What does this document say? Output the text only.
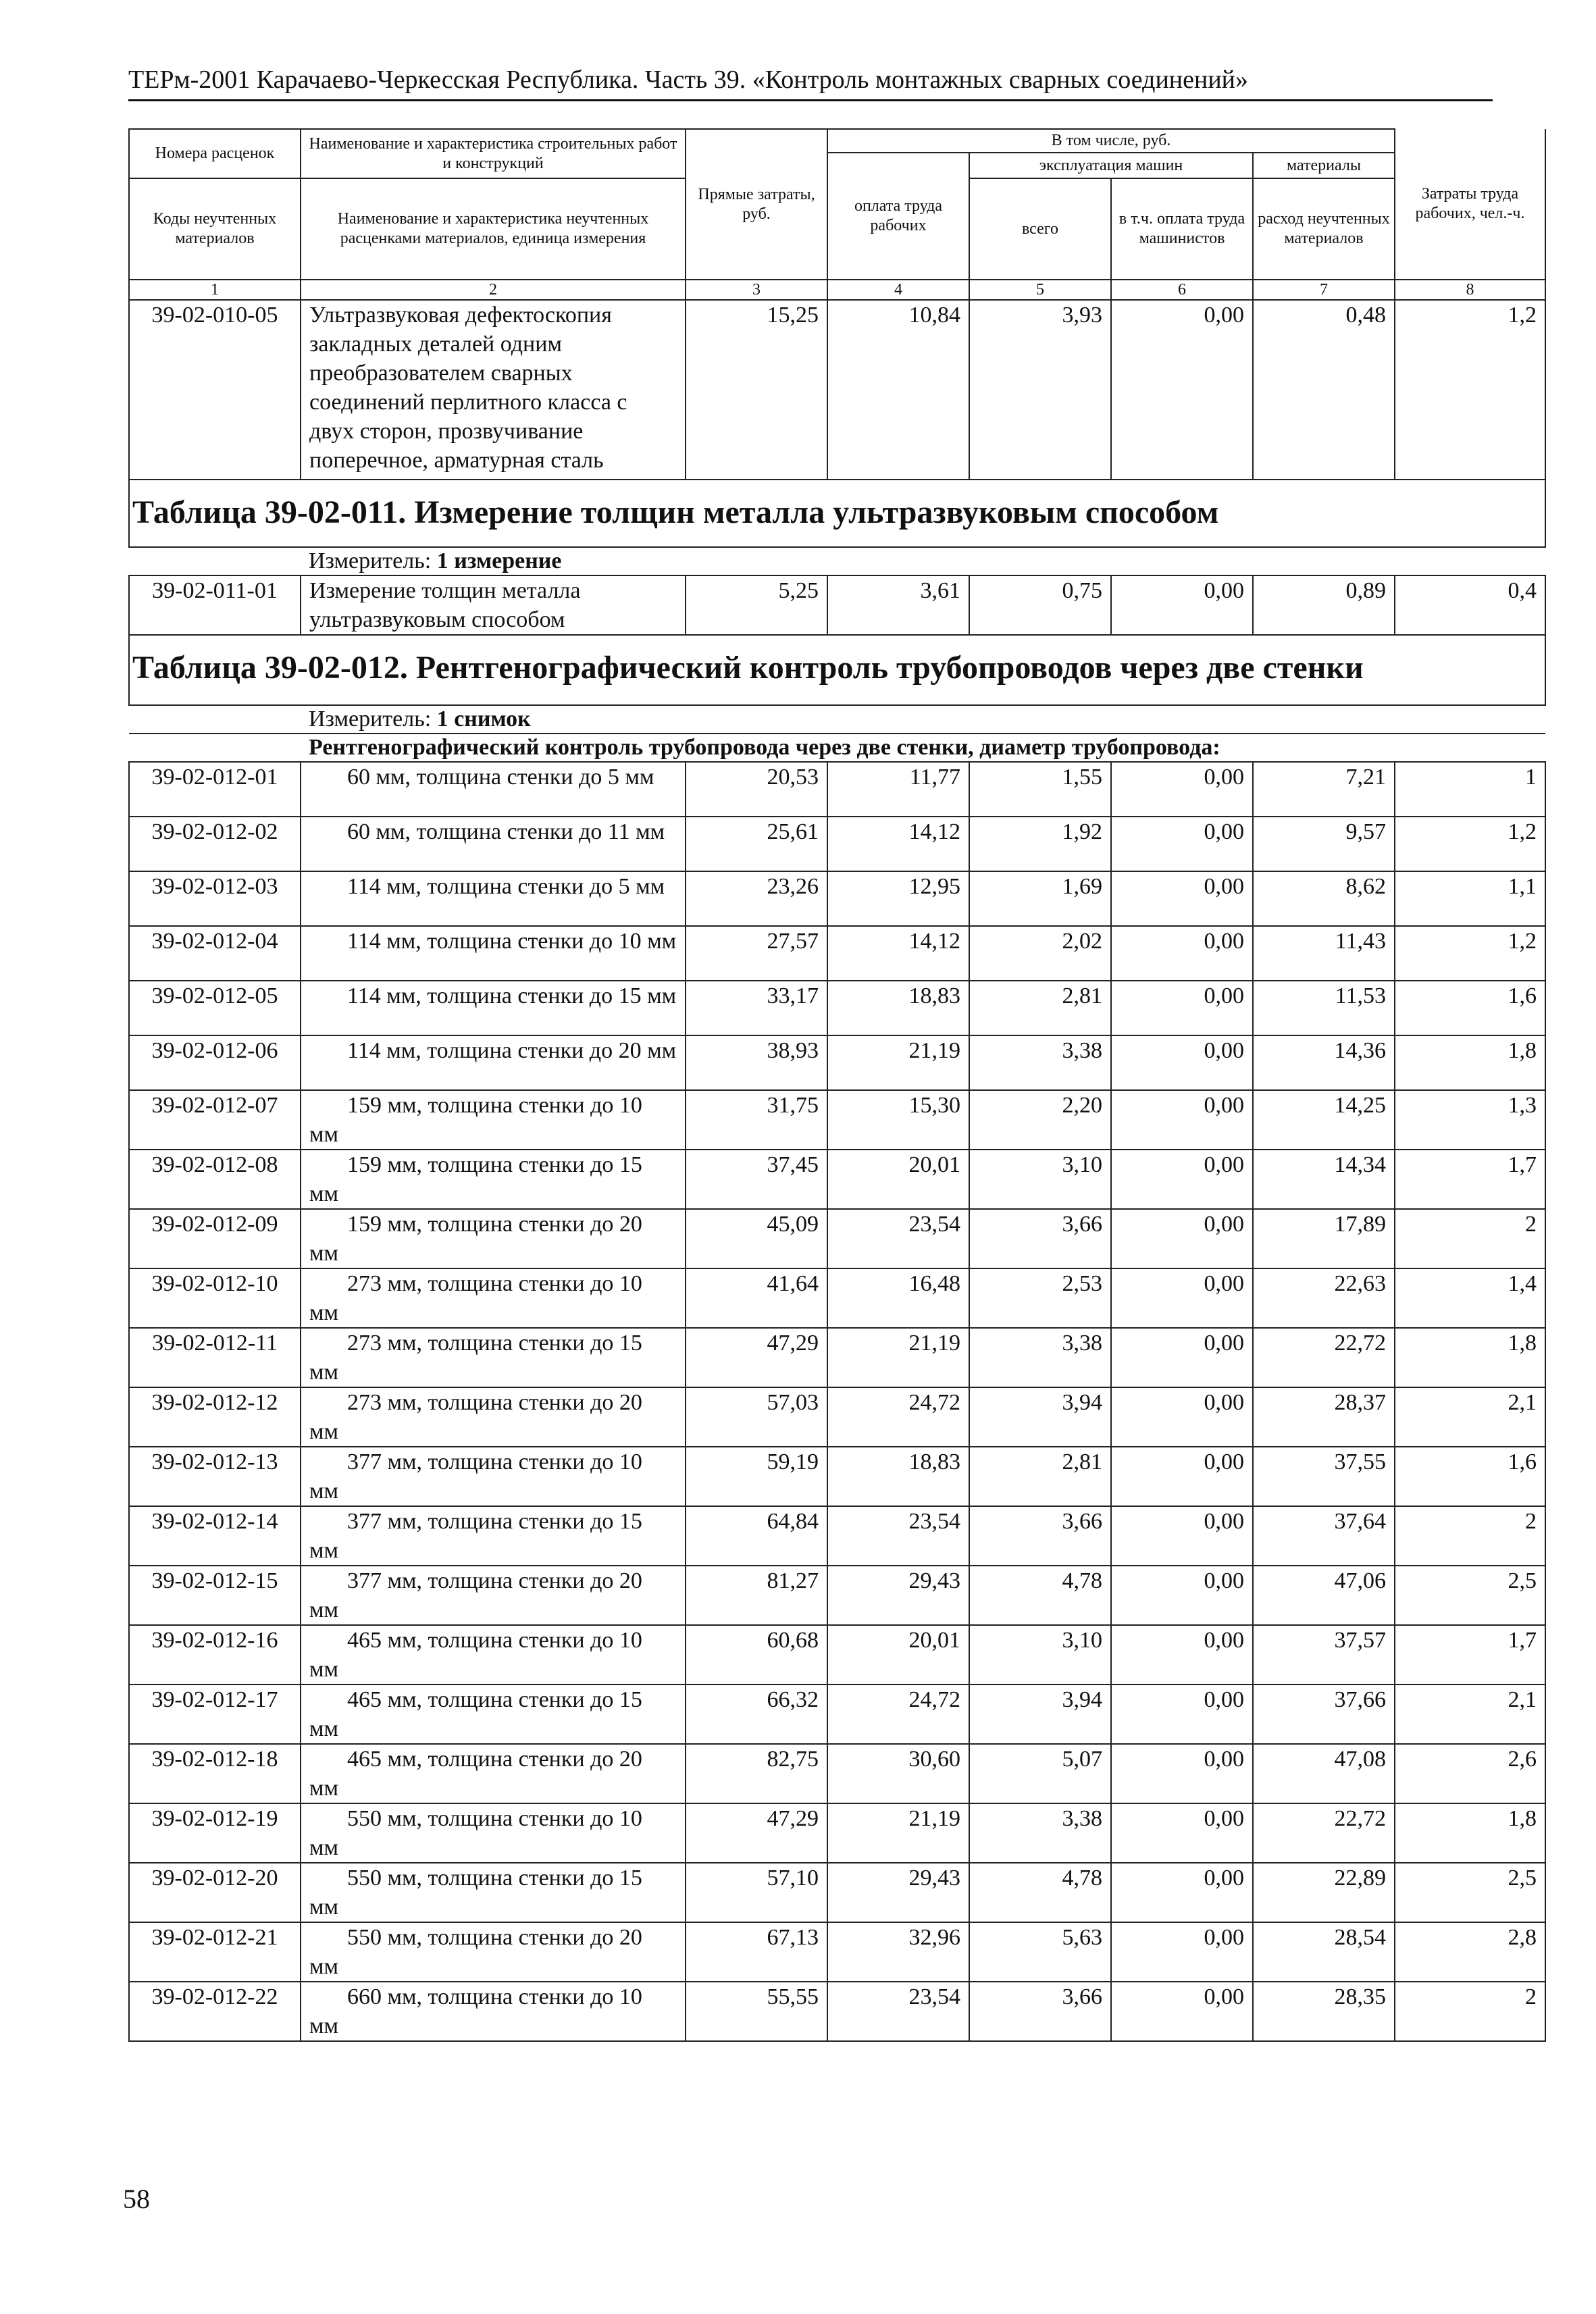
ТЕРм-2001 Карачаево-Черкесская Республика. Часть 39. «Контроль монтажных сварных соединений»
Номера расценок	Наименование и характеристика строительных работ и конструкций	Прямые затраты, руб.	В том числе, руб.				Затраты труда рабочих, чел.-ч.
			оплата труда рабочих	эксплуатация машин		материалы	
Коды неучтенных материалов	Наименование и характеристика неучтенных расценками материалов, единица измерения			всего	в т.ч. оплата труда машинистов	расход неучтенных материалов	

1	2	3	4	5	6	7	8
39-02-010-05	Ультразвуковая дефектоскопия закладных деталей одним преобразователем сварных соединений перлитного класса с двух сторон, прозвучивание поперечное, арматурная сталь	15,25	10,84	3,93	0,00	0,48	1,2
Таблица 39-02-011. Измерение толщин металла ультразвуковым способом							
	Измеритель: 1 измерение						
39-02-011-01	Измерение толщин металла ультразвуковым способом	5,25	3,61	0,75	0,00	0,89	0,4
Таблица 39-02-012. Рентгенографический контроль трубопроводов через две стенки							
	Измеритель: 1 снимок						
	Рентгенографический контроль трубопровода через две стенки, диаметр трубопровода:						
39-02-012-01	60 мм, толщина стенки до 5 мм	20,53	11,77	1,55	0,00	7,21	1
39-02-012-02	60 мм, толщина стенки до 11 мм	25,61	14,12	1,92	0,00	9,57	1,2
39-02-012-03	114 мм, толщина стенки до 5 мм	23,26	12,95	1,69	0,00	8,62	1,1
39-02-012-04	114 мм, толщина стенки до 10 мм	27,57	14,12	2,02	0,00	11,43	1,2
39-02-012-05	114 мм, толщина стенки до 15 мм	33,17	18,83	2,81	0,00	11,53	1,6
39-02-012-06	114 мм, толщина стенки до 20 мм	38,93	21,19	3,38	0,00	14,36	1,8
39-02-012-07	159 мм, толщина стенки до 10 мм	31,75	15,30	2,20	0,00	14,25	1,3
39-02-012-08	159 мм, толщина стенки до 15 мм	37,45	20,01	3,10	0,00	14,34	1,7
39-02-012-09	159 мм, толщина стенки до 20 мм	45,09	23,54	3,66	0,00	17,89	2
39-02-012-10	273 мм, толщина стенки до 10 мм	41,64	16,48	2,53	0,00	22,63	1,4
39-02-012-11	273 мм, толщина стенки до 15 мм	47,29	21,19	3,38	0,00	22,72	1,8
39-02-012-12	273 мм, толщина стенки до 20 мм	57,03	24,72	3,94	0,00	28,37	2,1
39-02-012-13	377 мм, толщина стенки до 10 мм	59,19	18,83	2,81	0,00	37,55	1,6
39-02-012-14	377 мм, толщина стенки до 15 мм	64,84	23,54	3,66	0,00	37,64	2
39-02-012-15	377 мм, толщина стенки до 20 мм	81,27	29,43	4,78	0,00	47,06	2,5
39-02-012-16	465 мм, толщина стенки до 10 мм	60,68	20,01	3,10	0,00	37,57	1,7
39-02-012-17	465 мм, толщина стенки до 15 мм	66,32	24,72	3,94	0,00	37,66	2,1
39-02-012-18	465 мм, толщина стенки до 20 мм	82,75	30,60	5,07	0,00	47,08	2,6
39-02-012-19	550 мм, толщина стенки до 10 мм	47,29	21,19	3,38	0,00	22,72	1,8
39-02-012-20	550 мм, толщина стенки до 15 мм	57,10	29,43	4,78	0,00	22,89	2,5
39-02-012-21	550 мм, толщина стенки до 20 мм	67,13	32,96	5,63	0,00	28,54	2,8
39-02-012-22	660 мм, толщина стенки до 10 мм	55,55	23,54	3,66	0,00	28,35	2
58
